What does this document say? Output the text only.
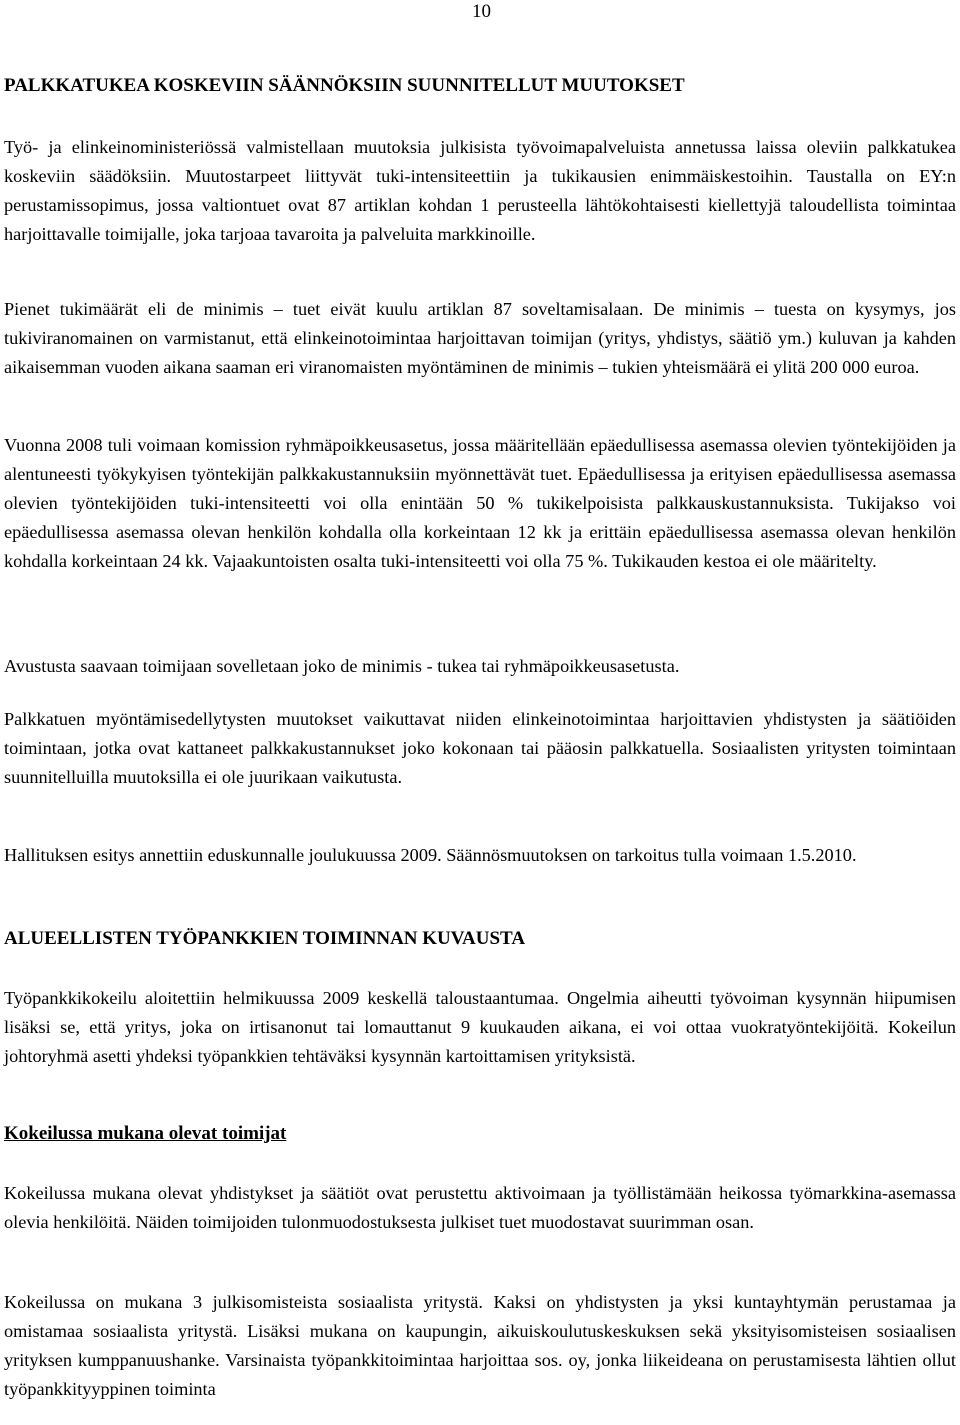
10
PALKKATUKEA KOSKEVIIN SÄÄNNÖKSIIN SUUNNITELLUT MUUTOKSET

Työ- ja elinkeinoministeriössä valmistellaan muutoksia julkisista työvoimapalveluista annetussa laissa oleviin palkkatukea koskeviin säädöksiin. Muutostarpeet liittyvät tuki-intensiteettiin ja tukikausien enimmäiskestoihin. Taustalla on EY:n perustamissopimus, jossa valtiontuet ovat 87 artiklan kohdan 1 perusteella lähtökohtaisesti kiellettyjä taloudellista toimintaa harjoittavalle toimijalle, joka tarjoaa tavaroita ja palveluita markkinoille.

Pienet tukimäärät eli de minimis – tuet eivät kuulu artiklan 87 soveltamisalaan. De minimis – tuesta on kysymys, jos tukiviranomainen on varmistanut, että elinkeinotoimintaa harjoittavan toimijan (yritys, yhdistys, säätiö ym.) kuluvan ja kahden aikaisemman vuoden aikana saaman eri viranomaisten myöntäminen de minimis – tukien yhteismäärä ei ylitä 200 000 euroa.

Vuonna 2008 tuli voimaan komission ryhmäpoikkeusasetus, jossa määritellään epäedullisessa asemassa olevien työntekijöiden ja alentuneesti työkykyisen työntekijän palkkakustannuksiin myönnettävät tuet. Epäedullisessa ja erityisen epäedullisessa asemassa olevien työntekijöiden tuki-intensiteetti voi olla enintään 50 % tukikelpoisista palkkauskustannuksista. Tukijakso voi epäedullisessa asemassa olevan henkilön kohdalla olla korkeintaan 12 kk ja erittäin epäedullisessa asemassa olevan henkilön kohdalla korkeintaan 24 kk. Vajaakuntoisten osalta tuki-intensiteetti voi olla 75 %. Tukikauden kestoa ei ole määritelty.

Avustusta saavaan toimijaan sovelletaan joko de minimis - tukea tai ryhmäpoikkeusasetusta.

Palkkatuen myöntämisedellytysten muutokset vaikuttavat niiden elinkeinotoimintaa harjoittavien yhdistysten ja säätiöiden toimintaan, jotka ovat kattaneet palkkakustannukset joko kokonaan tai pääosin palkkatuella. Sosiaalisten yritysten toimintaan suunnitelluilla muutoksilla ei ole juurikaan vaikutusta.

Hallituksen esitys annettiin eduskunnalle joulukuussa 2009. Säännösmuutoksen on tarkoitus tulla voimaan 1.5.2010.

ALUEELLISTEN TYÖPANKKIEN TOIMINNAN KUVAUSTA

Työpankkikokeilu aloitettiin helmikuussa 2009 keskellä taloustaantumaa. Ongelmia aiheutti työvoiman kysynnän hiipumisen lisäksi se, että yritys, joka on irtisanonut tai lomauttanut 9 kuukauden aikana, ei voi ottaa vuokratyöntekijöitä. Kokeilun johtoryhmä asetti yhdeksi työpankkien tehtäväksi kysynnän kartoittamisen yrityksistä.

Kokeilussa mukana olevat toimijat

Kokeilussa mukana olevat yhdistykset ja säätiöt ovat perustettu aktivoimaan ja työllistämään heikossa työmarkkina-asemassa olevia henkilöitä. Näiden toimijoiden tulonmuodostuksesta julkiset tuet muodostavat suurimman osan.

Kokeilussa on mukana 3 julkisomisteista sosiaalista yritystä. Kaksi on yhdistysten ja yksi kuntayhtymän perustamaa ja omistamaa sosiaalista yritystä. Lisäksi mukana on kaupungin, aikuiskoulutuskeskuksen sekä yksityisomisteisen sosiaalisen yrityksen kumppanuushanke. Varsinaista työpankkitoimintaa harjoittaa sos. oy, jonka liikeideana on perustamisesta lähtien ollut työpankkityyppinen toiminta
